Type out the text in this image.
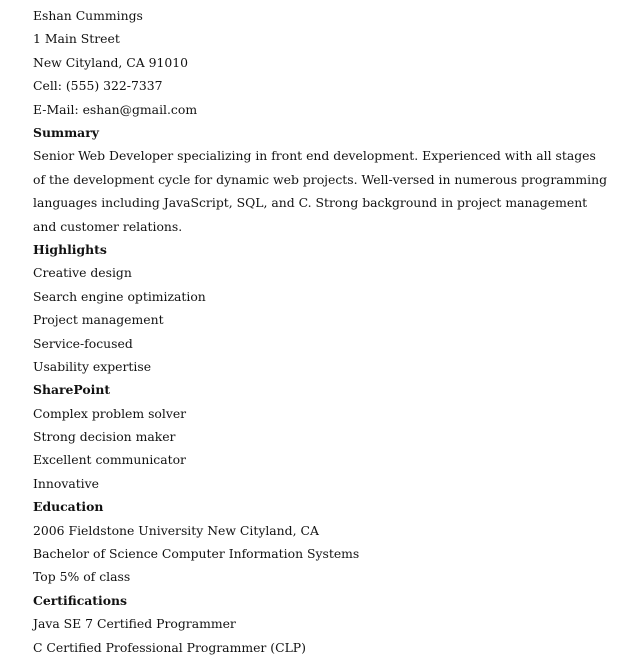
Eshan Cummings
1 Main Street
New Cityland, CA 91010
Cell: (555) 322-7337
E-Mail: eshan@gmail.com
Summary
Senior Web Developer specializing in front end development. Experienced with all stages of the development cycle for dynamic web projects. Well-versed in numerous programming languages including JavaScript, SQL, and C. Strong background in project management and customer relations.
Highlights
Creative design
Search engine optimization
Project management
Service-focused
Usability expertise
SharePoint
Complex problem solver
Strong decision maker
Excellent communicator
Innovative
Education
2006 Fieldstone University New Cityland, CA
Bachelor of Science Computer Information Systems
Top 5% of class
Certifications
Java SE 7 Certified Programmer
C Certified Professional Programmer (CLP)
